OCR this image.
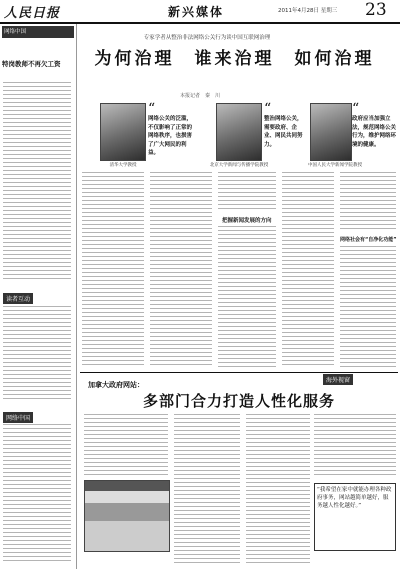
人民日报	新兴媒体	2011年4月28日 星期三 23
网络中国
特岗教师不再欠工资
读者互动
网络中国
专家学者从整治非法网络公关行为谈中国互联网治理
为何治理　谁来治理　如何治理
本报记者　秦　川
“
网络公关的泛滥，不仅影响了正常的网络秩序，也损害了广大网民的利益。
清华大学教授
“
整治网络公关，需要政府、企业、网民共同努力。
北京大学新闻与传播学院教授
“
政府应当加强立法，规范网络公关行为，维护网络环境的健康。
中国人民大学新闻学院教授
把握新闻发展的方向
网络社会有“自净化功能”
海外视窗
加拿大政府网站：
多部门合力打造人性化服务
“我希望在家中就能办理各种政府事务，网站越简单越好，服务越人性化越好。”
